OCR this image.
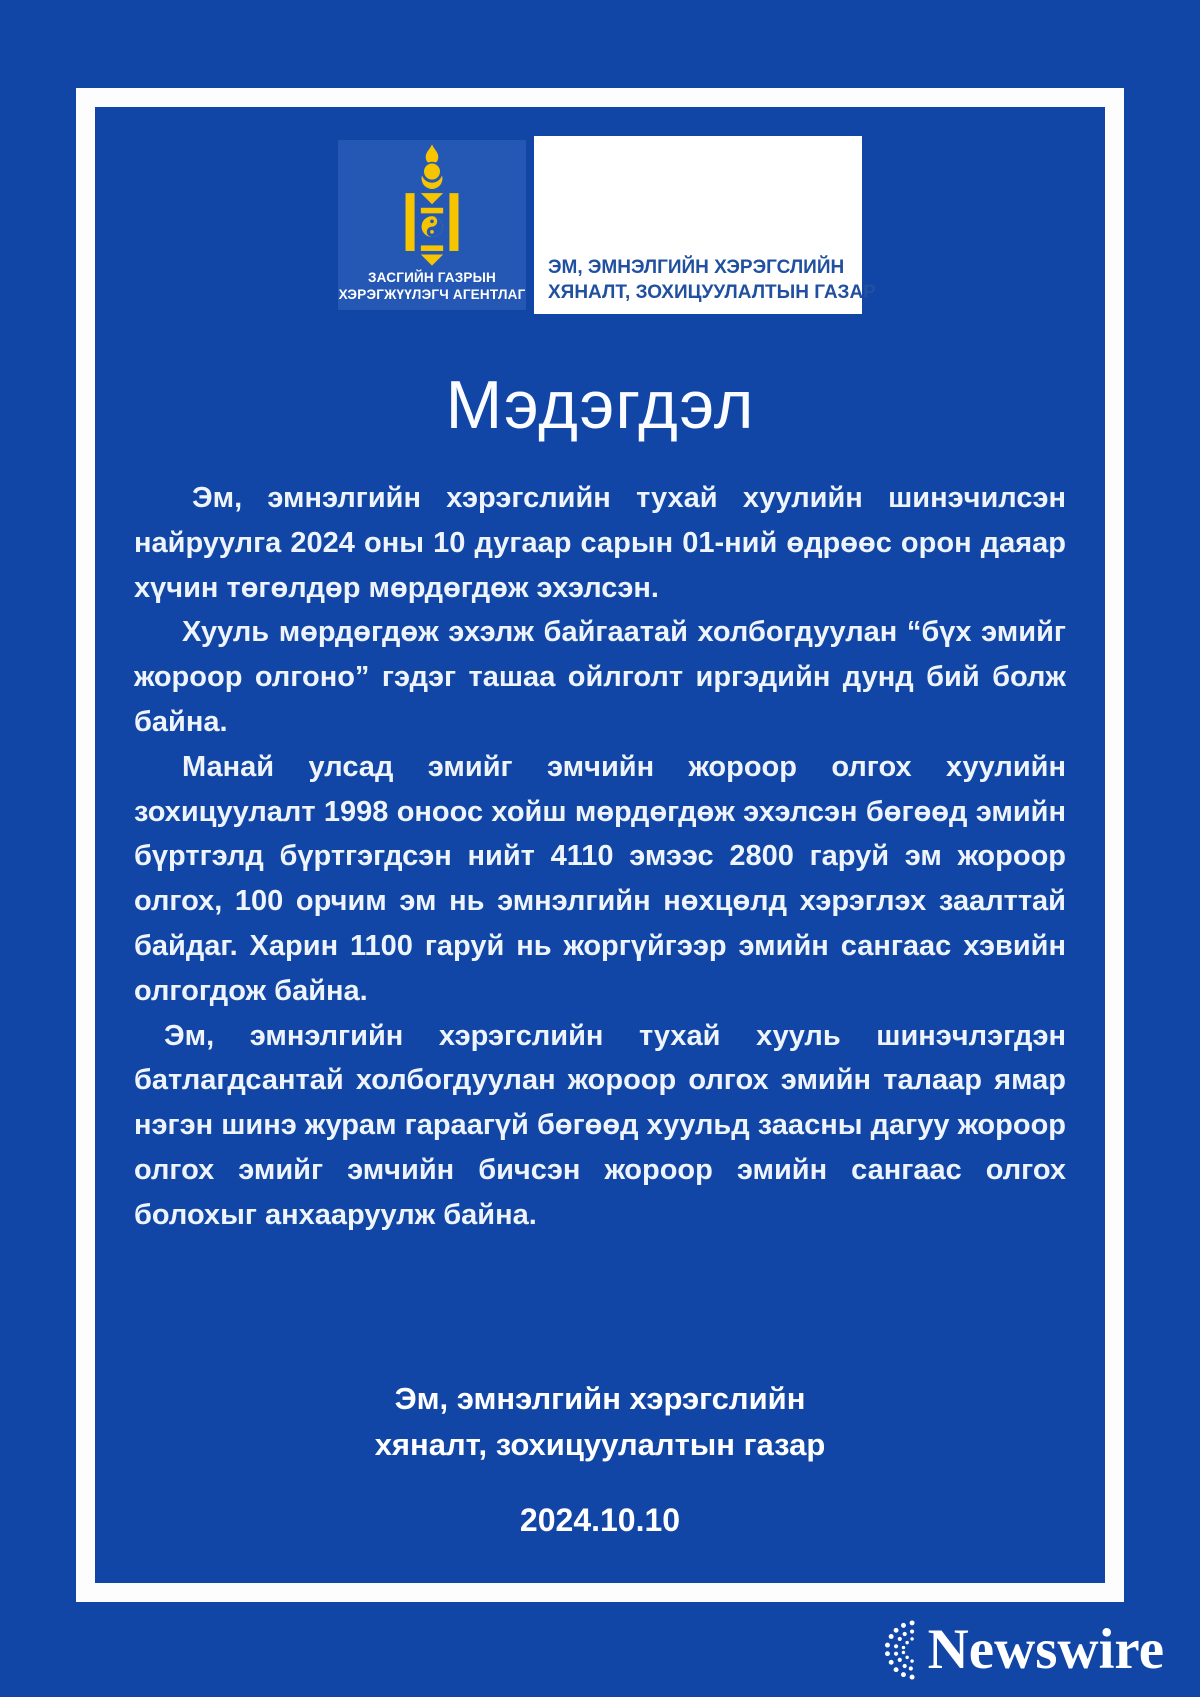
ЗАСГИЙН ГАЗРЫН
ХЭРЭГЖҮҮЛЭГЧ АГЕНТЛАГ
ЭМ, ЭМНЭЛГИЙН ХЭРЭГСЛИЙН
ХЯНАЛТ, ЗОХИЦУУЛАЛТЫН ГАЗАР
Мэдэгдэл

Эм, эмнэлгийн хэрэгслийн тухай хуулийн шинэчилсэн найруулга 2024 оны 10 дугаар сарын 01-ний өдрөөс орон даяар хүчин төгөлдөр мөрдөгдөж эхэлсэн.

Хууль мөрдөгдөж эхэлж байгаатай холбогдуулан “бүх эмийг жороор олгоно” гэдэг ташаа ойлголт иргэдийн дунд бий болж байна.

Манай улсад эмийг эмчийн жороор олгох хуулийн зохицуулалт 1998 оноос хойш мөрдөгдөж эхэлсэн бөгөөд эмийн бүртгэлд бүртгэгдсэн нийт 4110 эмээс 2800 гаруй эм жороор олгох, 100 орчим эм нь эмнэлгийн нөхцөлд хэрэглэх заалттай байдаг. Харин 1100 гаруй нь жоргүйгээр эмийн сангаас хэвийн олгогдож байна.

Эм, эмнэлгийн хэрэгслийн тухай хууль шинэчлэгдэн батлагдсантай холбогдуулан жороор олгох эмийн талаар ямар нэгэн шинэ журам гараагүй бөгөөд хуульд заасны дагуу жороор олгох эмийг эмчийн бичсэн жороор эмийн сангаас олгох болохыг анхааруулж байна.

Эм, эмнэлгийн хэрэгслийн
хяналт, зохицуулалтын газар
2024.10.10
Newswire
